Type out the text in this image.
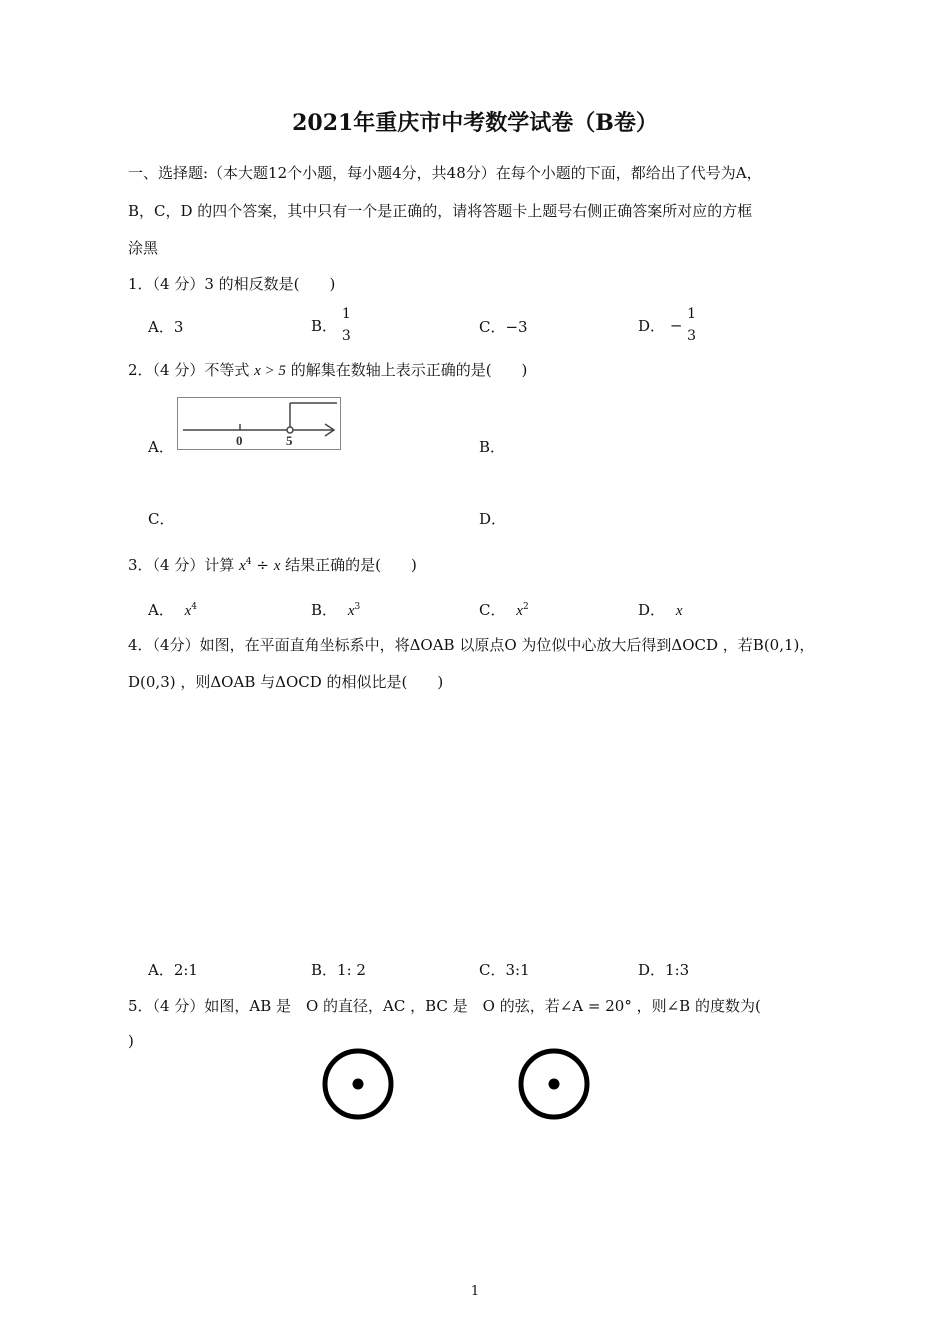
2021年重庆市中考数学试卷（B卷）
一、选择题:（本大题12个小题，每小题4分，共48分）在每个小题的下面，都给出了代号为A，
B，C，D 的四个答案，其中只有一个是正确的，请将答题卡上题号右侧正确答案所对应的方框
涂黑
1．（4 分）3 的相反数是(　　)
A．3	B．
1
3	C．−3	D． −
1
3
2．（4 分）不等式 x > 5 的解集在数轴上表示正确的是(　　)
A．	0	5	B．
C．	D．
3．（4 分）计算 $x^4 \div x$ 结果正确的是(　　)
A． $x^4$	B． $x^3$	C． $x^2$	D． x
4．（4分）如图，在平面直角坐标系中，将ΔOAB 以原点O 为位似中心放大后得到ΔOCD ，若B(0,1)，
D(0,3) ，则ΔOAB 与ΔOCD 的相似比是(　　)
A．2:1	B．1: 2	C．3:1	D．1:3
5．（4 分）如图，AB 是　O 的直径，AC ，BC 是　O 的弦，若∠A = 20° ，则∠B 的度数为(
)
1
